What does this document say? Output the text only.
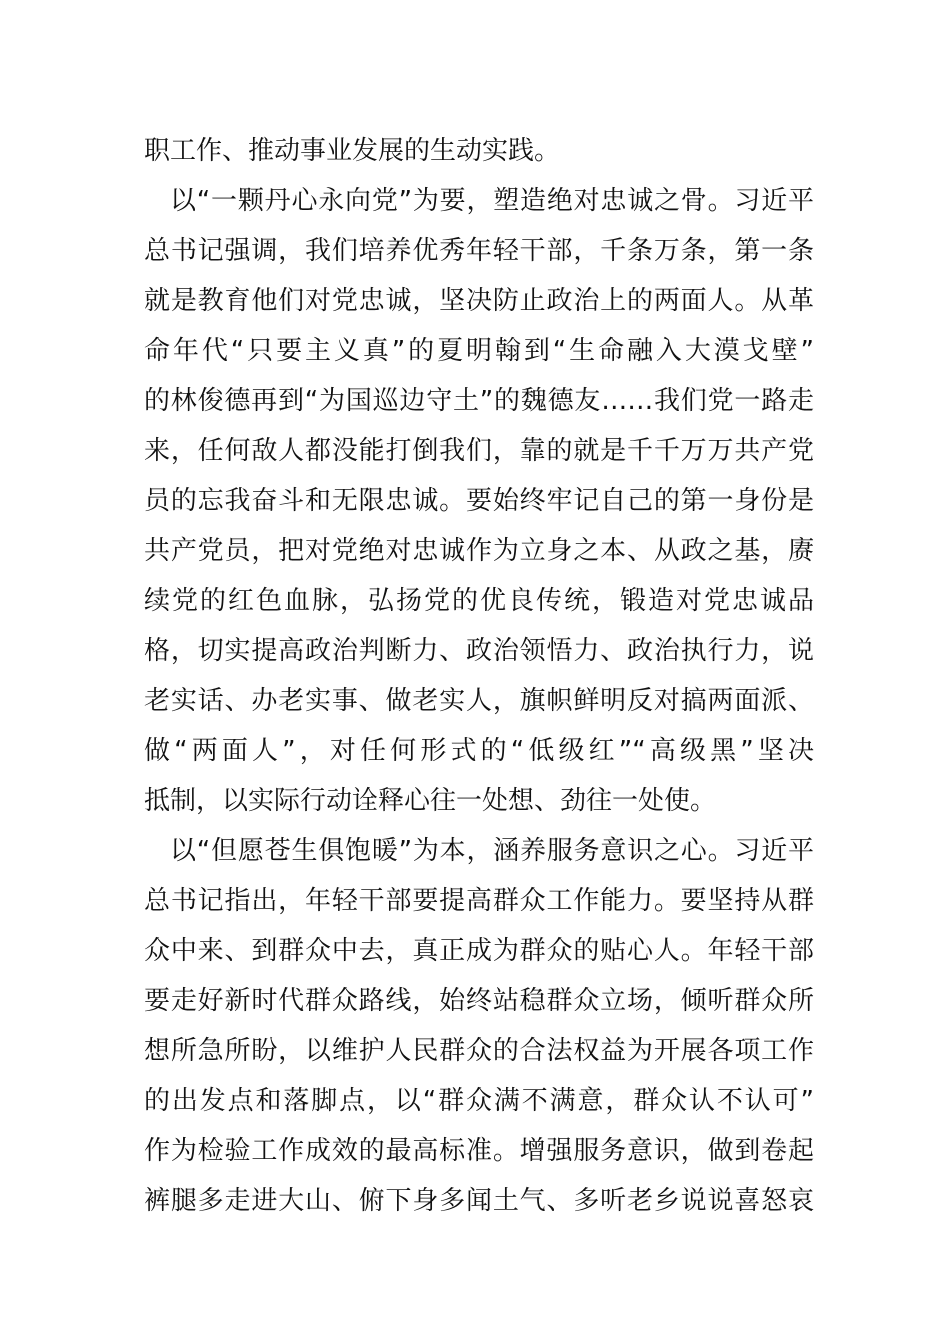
职工作、推动事业发展的生动实践。
以“一颗丹心永向党”为要，塑造绝对忠诚之骨。习近平
总书记强调，我们培养优秀年轻干部，千条万条，第一条
就是教育他们对党忠诚，坚决防止政治上的两面人。从革
命年代“只要主义真”的夏明翰到“生命融入大漠戈壁”
的林俊德再到“为国巡边守土”的魏德友……我们党一路走
来，任何敌人都没能打倒我们，靠的就是千千万万共产党
员的忘我奋斗和无限忠诚。要始终牢记自己的第一身份是
共产党员，把对党绝对忠诚作为立身之本、从政之基，赓
续党的红色血脉，弘扬党的优良传统，锻造对党忠诚品
格，切实提高政治判断力、政治领悟力、政治执行力，说
老实话、办老实事、做老实人，旗帜鲜明反对搞两面派、
做“两面人”，对任何形式的“低级红”“高级黑”坚决
抵制，以实际行动诠释心往一处想、劲往一处使。
以“但愿苍生俱饱暖”为本，涵养服务意识之心。习近平
总书记指出，年轻干部要提高群众工作能力。要坚持从群
众中来、到群众中去，真正成为群众的贴心人。年轻干部
要走好新时代群众路线，始终站稳群众立场，倾听群众所
想所急所盼，以维护人民群众的合法权益为开展各项工作
的出发点和落脚点，以“群众满不满意，群众认不认可”
作为检验工作成效的最高标准。增强服务意识，做到卷起
裤腿多走进大山、俯下身多闻土气、多听老乡说说喜怒哀
